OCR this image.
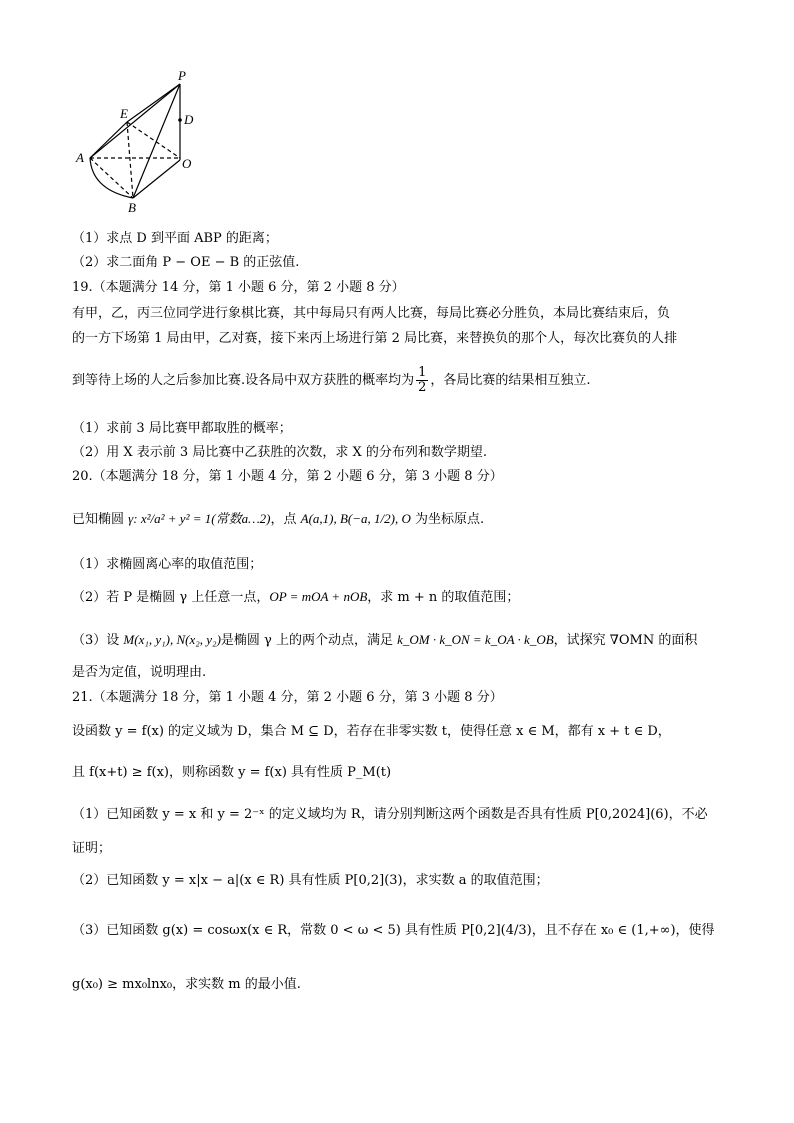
P
E	D
A	O
B
（1）求点 D 到平面 ABP 的距离；
（2）求二面角 P − OE − B 的正弦值.
19.（本题满分 14 分，第 1 小题 6 分，第 2 小题 8 分）
有甲，乙，丙三位同学进行象棋比赛，其中每局只有两人比赛，每局比赛必分胜负，本局比赛结束后，负
的一方下场第 1 局由甲，乙对赛，接下来丙上场进行第 2 局比赛，来替换负的那个人，每次比赛负的人排
到等待上场的人之后参加比赛.设各局中双方获胜的概率均为 $\frac{1}{2}$ ，各局比赛的结果相互独立.
（1）求前 3 局比赛甲都取胜的概率；
（2）用 X 表示前 3 局比赛中乙获胜的次数，求 X 的分布列和数学期望.
20.（本题满分 18 分，第 1 小题 4 分，第 2 小题 6 分，第 3 小题 8 分）
已知椭圆 γ: x²/a² + y² = 1(常数a…2)，点 A(a,1), B(−a, 1/2), O 为坐标原点.
（1）求椭圆离心率的取值范围；
（2）若 P 是椭圆 γ 上任意一点，OP = mOA + nOB，求 m + n 的取值范围；
（3）设 M(x₁, y₁), N(x₂, y₂)是椭圆 γ 上的两个动点，满足 k_OM · k_ON = k_OA · k_OB，试探究 ∇OMN 的面积
是否为定值，说明理由.
21.（本题满分 18 分，第 1 小题 4 分，第 2 小题 6 分，第 3 小题 8 分）
设函数 y = f(x) 的定义域为 D，集合 M ⊆ D，若存在非零实数 t，使得任意 x ∈ M，都有 x + t ∈ D，
且 f(x+t) ≥ f(x)，则称函数 y = f(x) 具有性质 P_M(t)
（1）已知函数 y = x 和 y = 2⁻ˣ 的定义域均为 R，请分别判断这两个函数是否具有性质 P[0,2024](6)，不必
证明；
（2）已知函数 y = x|x − a|(x ∈ R) 具有性质 P[0,2](3)，求实数 a 的取值范围；
（3）已知函数 g(x) = cosωx(x ∈ R，常数 0 < ω < 5) 具有性质 P[0,2](4/3)，且不存在 x₀ ∈ (1,+∞)，使得
g(x₀) ≥ mx₀lnx₀，求实数 m 的最小值.
